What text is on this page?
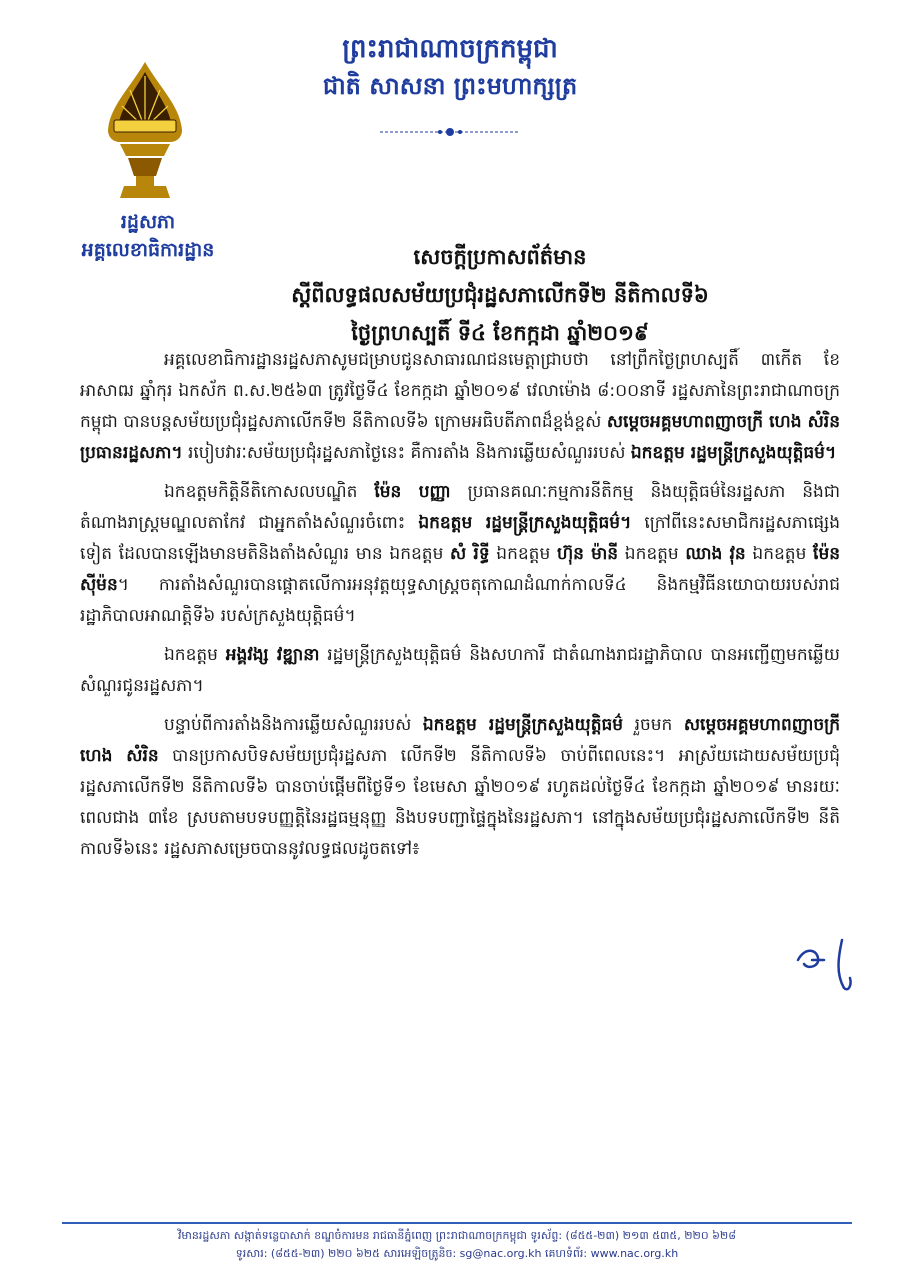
ព្រះរាជាណាចក្រកម្ពុជា
ជាតិ សាសនា ព្រះមហាក្សត្រ
រដ្ឋសភា
អគ្គលេខាធិការដ្ឋាន	សេចក្តីប្រកាសព័ត៌មាន
ស្តីពីលទ្ធផលសម័យប្រជុំរដ្ឋសភាលើកទី២ នីតិកាលទី៦
ថ្ងៃព្រហស្បតិ៍ ទី៤ ខែកក្កដា ឆ្នាំ២០១៩

អគ្គលេខាធិការដ្ឋានរដ្ឋសភាសូមជម្រាបជូនសាធារណជនមេត្តាជ្រាបថា នៅព្រឹកថ្ងៃព្រហស្បតិ៍ ៣កើត ខែអាសាឍ ឆ្នាំកុរ ឯកស័ក ព.ស.២៥៦៣ ត្រូវថ្ងៃទី៤ ខែកក្កដា ឆ្នាំ២០១៩ វេលាម៉ោង ៨:០០នាទី រដ្ឋសភានៃព្រះរាជាណាចក្រកម្ពុជា បានបន្តសម័យប្រជុំរដ្ឋសភាលើកទី២ នីតិកាលទី៦ ក្រោមអធិបតីភាពដ៏ខ្ពង់ខ្ពស់ សម្តេចអគ្គមហាពញាចក្រី ហេង សំរិន ប្រធានរដ្ឋសភា។ របៀបវារៈសម័យប្រជុំរដ្ឋសភាថ្ងៃនេះ គឺការតាំង និងការឆ្លើយសំណួររបស់ ឯកឧត្តម រដ្ឋមន្ត្រីក្រសួងយុត្តិធម៌។

ឯកឧត្តមកិត្តិនីតិកោសលបណ្ឌិត ម៉ែន បញ្ញា ប្រធានគណៈកម្មការនីតិកម្ម និងយុត្តិធម៌នៃរដ្ឋសភា និងជាតំណាងរាស្ត្រមណ្ឌលតាកែវ ជាអ្នកតាំងសំណួរចំពោះ ឯកឧត្តម រដ្ឋមន្ត្រីក្រសួងយុត្តិធម៌។ ក្រៅពីនេះសមាជិករដ្ឋសភាផ្សេងទៀត ដែលបានឡើងមានមតិនិងតាំងសំណួរ មាន ឯកឧត្តម សំ រិទ្ធី ឯកឧត្តម ហ៊ុន ម៉ានី ឯកឧត្តម ឈាង វុន ឯកឧត្តម ម៉ែន ស៊ីម៉ន។ ការតាំងសំណួរបានផ្តោតលើការអនុវត្តយុទ្ធសាស្ត្រចតុកោណដំណាក់កាលទី៤ និងកម្មវិធីនយោបាយរបស់រាជរដ្ឋាភិបាលអាណត្តិទី៦ របស់ក្រសួងយុត្តិធម៌។

ឯកឧត្តម អង្គវង្ស វឌ្ឍានា រដ្ឋមន្ត្រីក្រសួងយុត្តិធម៌ និងសហការី ជាតំណាងរាជរដ្ឋាភិបាល បានអញ្ជើញមកឆ្លើយសំណួរជូនរដ្ឋសភា។

បន្ទាប់ពីការតាំងនិងការឆ្លើយសំណួររបស់ ឯកឧត្តម រដ្ឋមន្ត្រីក្រសួងយុត្តិធម៌ រួចមក សម្តេចអគ្គមហាពញាចក្រី ហេង សំរិន បានប្រកាសបិទសម័យប្រជុំរដ្ឋសភា លើកទី២ នីតិកាលទី៦ ចាប់ពីពេលនេះ។ អាស្រ័យដោយសម័យប្រជុំរដ្ឋសភាលើកទី២ នីតិកាលទី៦ បានចាប់ផ្តើមពីថ្ងៃទី១ ខែមេសា ឆ្នាំ២០១៩ រហូតដល់ថ្ងៃទី៤ ខែកក្កដា ឆ្នាំ២០១៩ មានរយៈពេលជាង ៣ខែ ស្របតាមបទបញ្ញត្តិនៃរដ្ឋធម្មនុញ្ញ និងបទបញ្ជាផ្ទៃក្នុងនៃរដ្ឋសភា។ នៅក្នុងសម័យប្រជុំរដ្ឋសភាលើកទី២ នីតិកាលទី៦នេះ រដ្ឋសភាសម្រេចបាននូវលទ្ធផលដូចតទៅ៖

វិមានរដ្ឋសភា សង្កាត់ទន្លេបាសាក់ ខណ្ឌចំការមន រាជធានីភ្នំពេញ ព្រះរាជាណាចក្រកម្ពុជា ទូរស័ព្ទ: (៨៥៥-២៣) ២១៣ ៥៣៥, ២២០ ៦២៨
ទូរសារ: (៨៥៥-២៣) ២២០ ៦២៥ សារអេឡិចត្រូនិច: sg@nac.org.kh គេហទំព័រ: www.nac.org.kh
